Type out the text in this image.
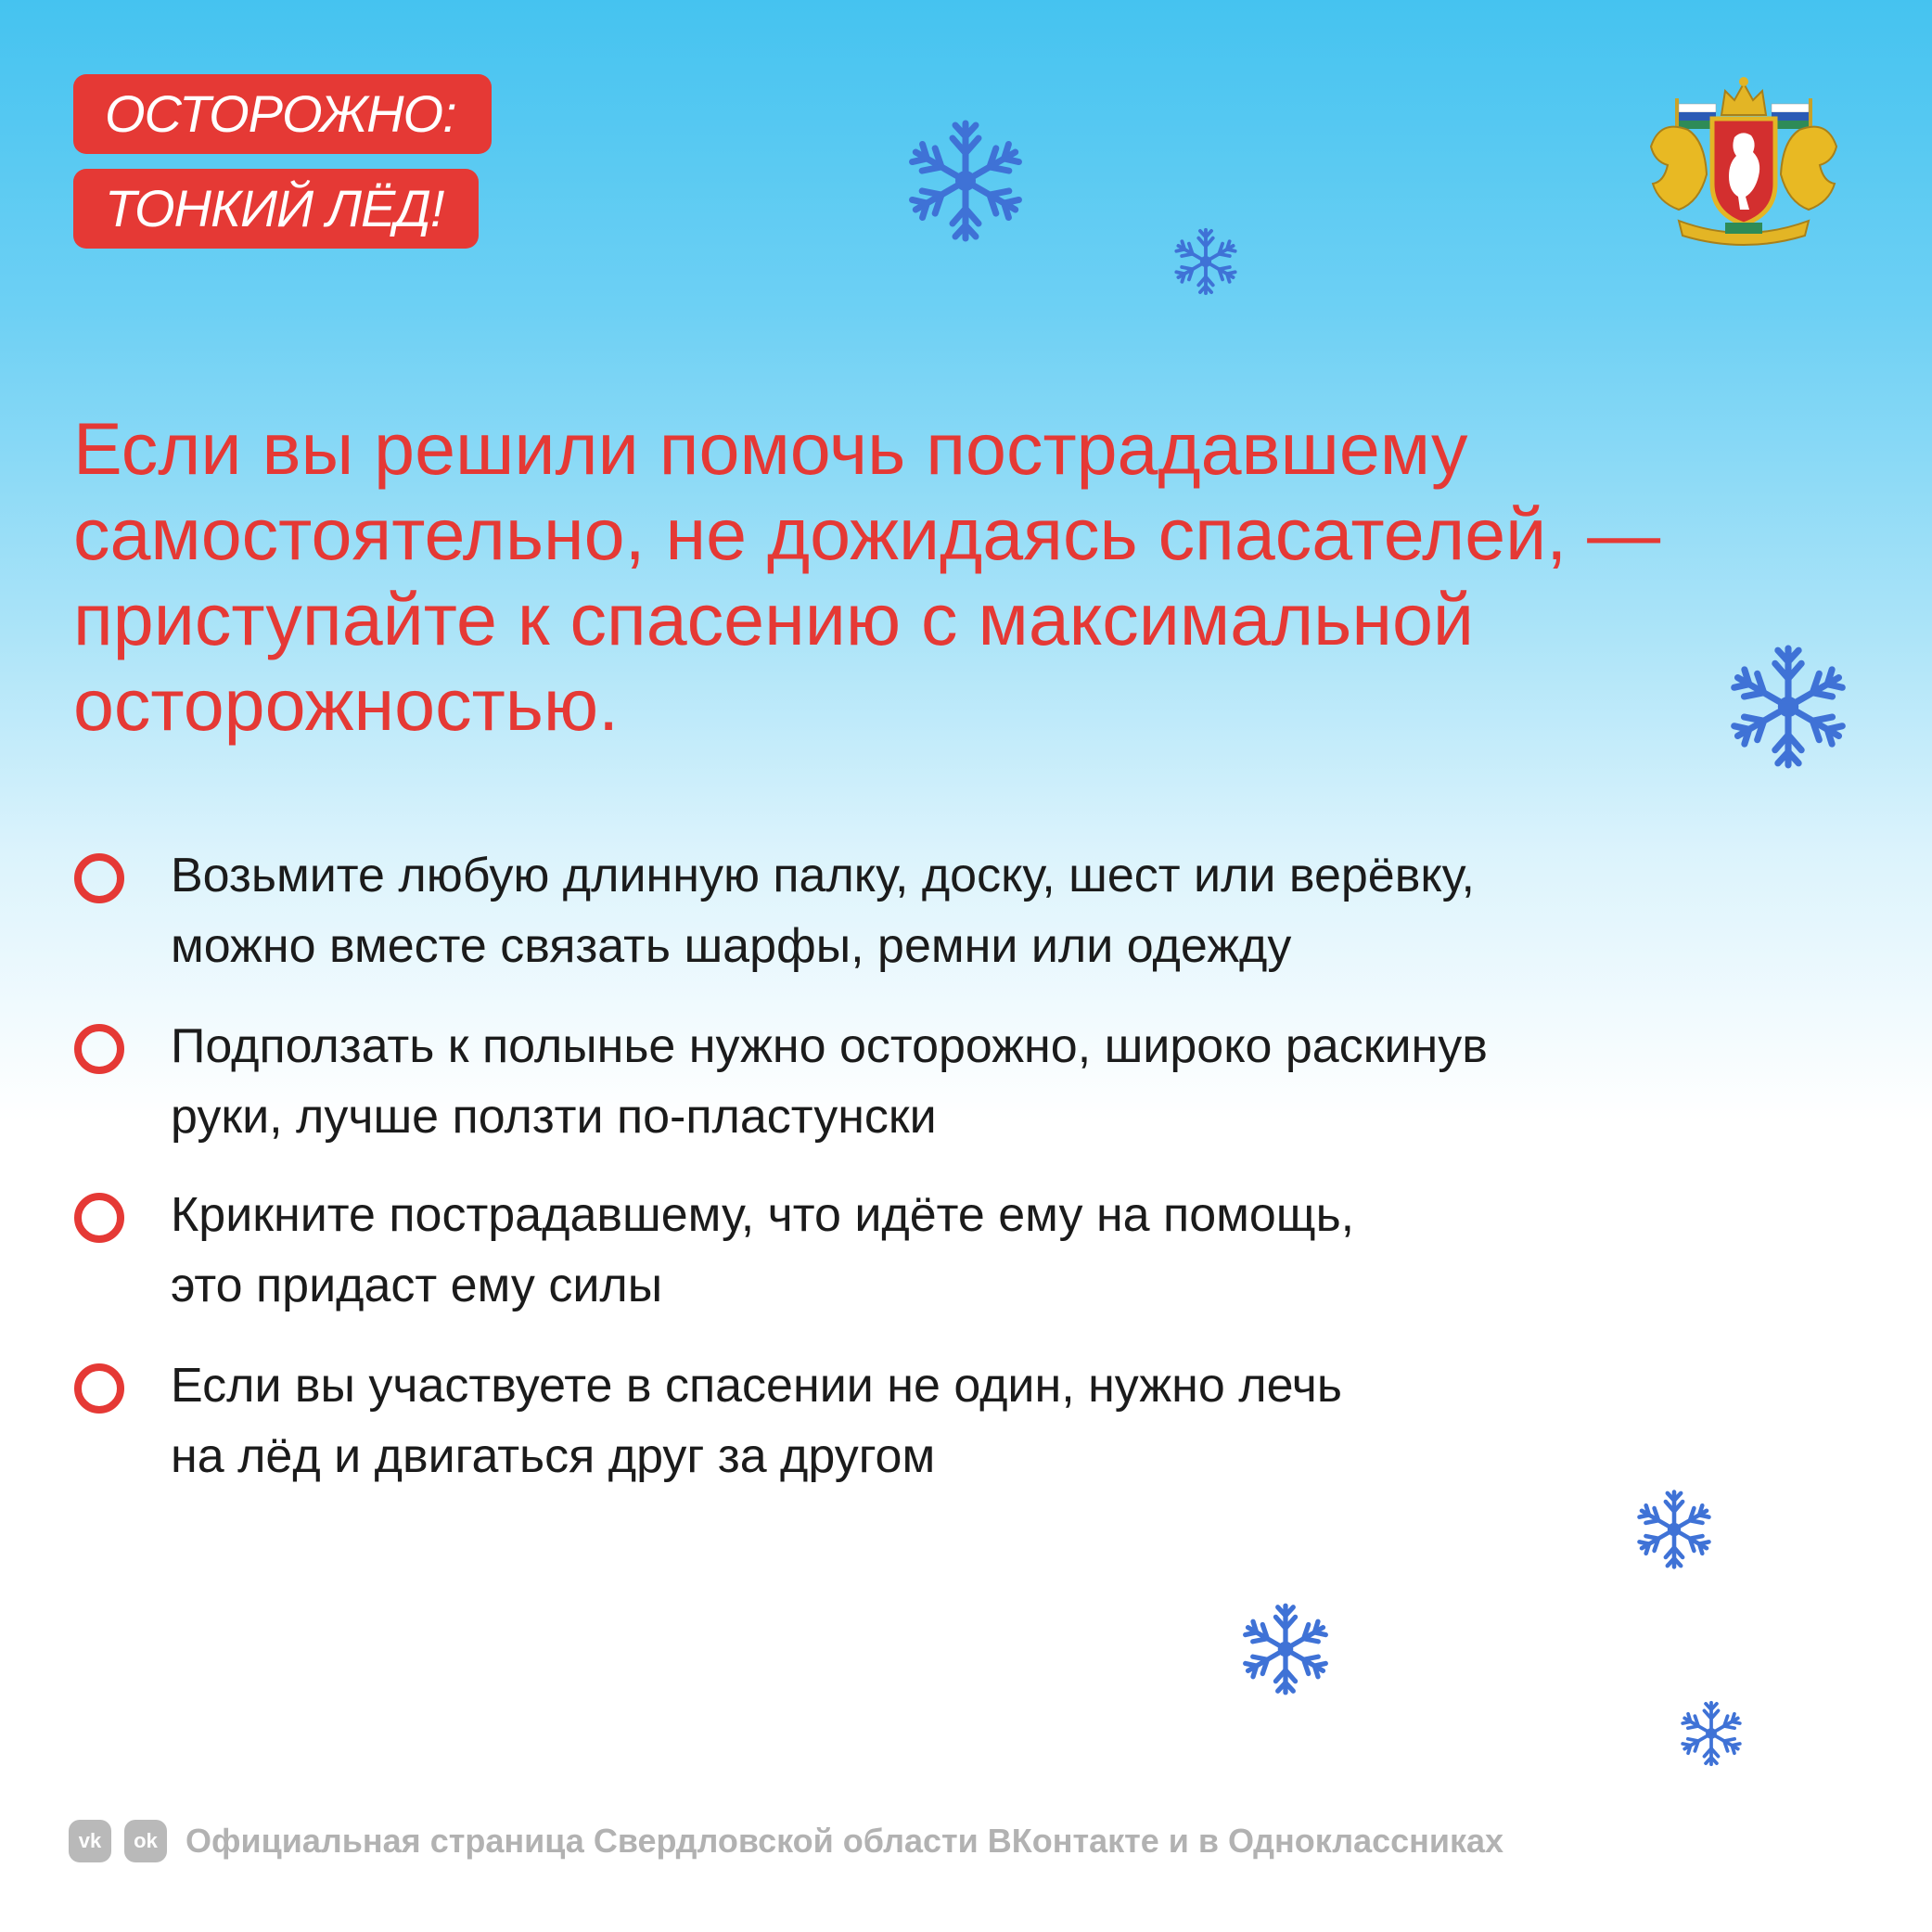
ОСТОРОЖНО:
ТОНКИЙ ЛЁД!
Если вы решили помочь пострадавшему
самостоятельно, не дожидаясь спасателей, —
приступайте к спасению с максимальной
осторожностью.

Возьмите любую длинную палку, доску, шест или верёвку,
можно вместе связать шарфы, ремни или одежду

Подползать к полынье нужно осторожно, широко раскинув
руки, лучше ползти по-пластунски

Крикните пострадавшему, что идёте ему на помощь,
это придаст ему силы

Если вы участвуете в спасении не один, нужно лечь
на лёд и двигаться друг за другом

vk	ok Официальная страница Свердловской области ВКонтакте и в Одноклассниках
